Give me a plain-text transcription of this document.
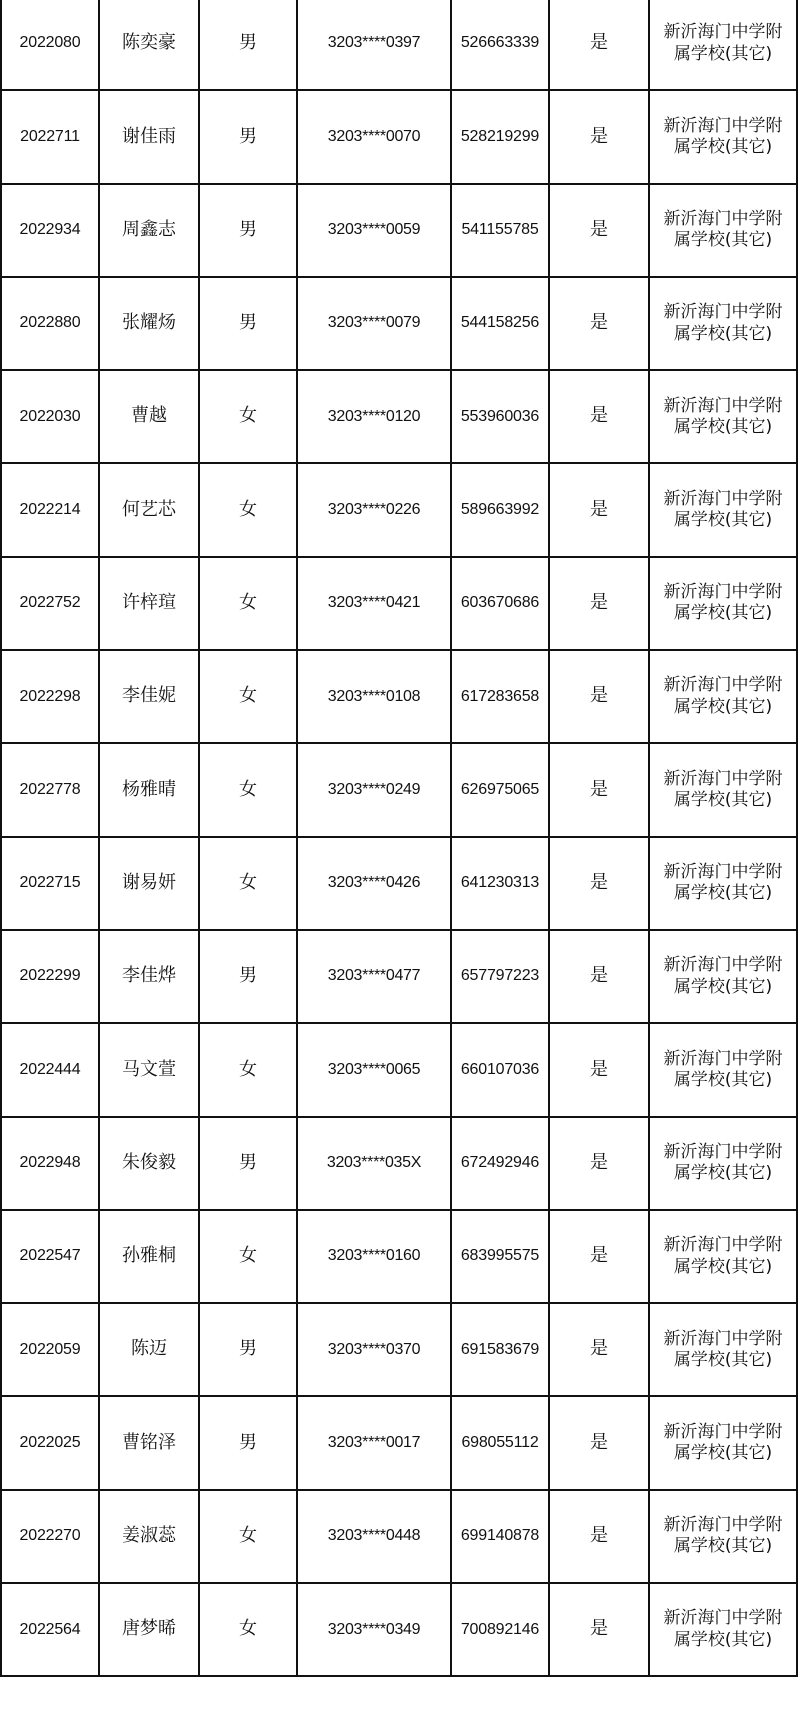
2022080	陈奕豪	男	3203****0397	526663339	是	新沂海门中学附
属学校(其它)

2022711	谢佳雨	男	3203****0070	528219299	是	新沂海门中学附
属学校(其它)

2022934	周鑫志	男	3203****0059	541155785	是	新沂海门中学附
属学校(其它)

2022880	张耀炀	男	3203****0079	544158256	是	新沂海门中学附
属学校(其它)

2022030	曹越	女	3203****0120	553960036	是	新沂海门中学附
属学校(其它)

2022214	何艺芯	女	3203****0226	589663992	是	新沂海门中学附
属学校(其它)

2022752	许梓瑄	女	3203****0421	603670686	是	新沂海门中学附
属学校(其它)

2022298	李佳妮	女	3203****0108	617283658	是	新沂海门中学附
属学校(其它)

2022778	杨雅晴	女	3203****0249	626975065	是	新沂海门中学附
属学校(其它)

2022715	谢易妍	女	3203****0426	641230313	是	新沂海门中学附
属学校(其它)

2022299	李佳烨	男	3203****0477	657797223	是	新沂海门中学附
属学校(其它)

2022444	马文萱	女	3203****0065	660107036	是	新沂海门中学附
属学校(其它)

2022948	朱俊毅	男	3203****035X	672492946	是	新沂海门中学附
属学校(其它)

2022547	孙雅桐	女	3203****0160	683995575	是	新沂海门中学附
属学校(其它)

2022059	陈迈	男	3203****0370	691583679	是	新沂海门中学附
属学校(其它)

2022025	曹铭泽	男	3203****0017	698055112	是	新沂海门中学附
属学校(其它)

2022270	姜淑蕊	女	3203****0448	699140878	是	新沂海门中学附
属学校(其它)

2022564	唐梦晞	女	3203****0349	700892146	是	新沂海门中学附
属学校(其它)
